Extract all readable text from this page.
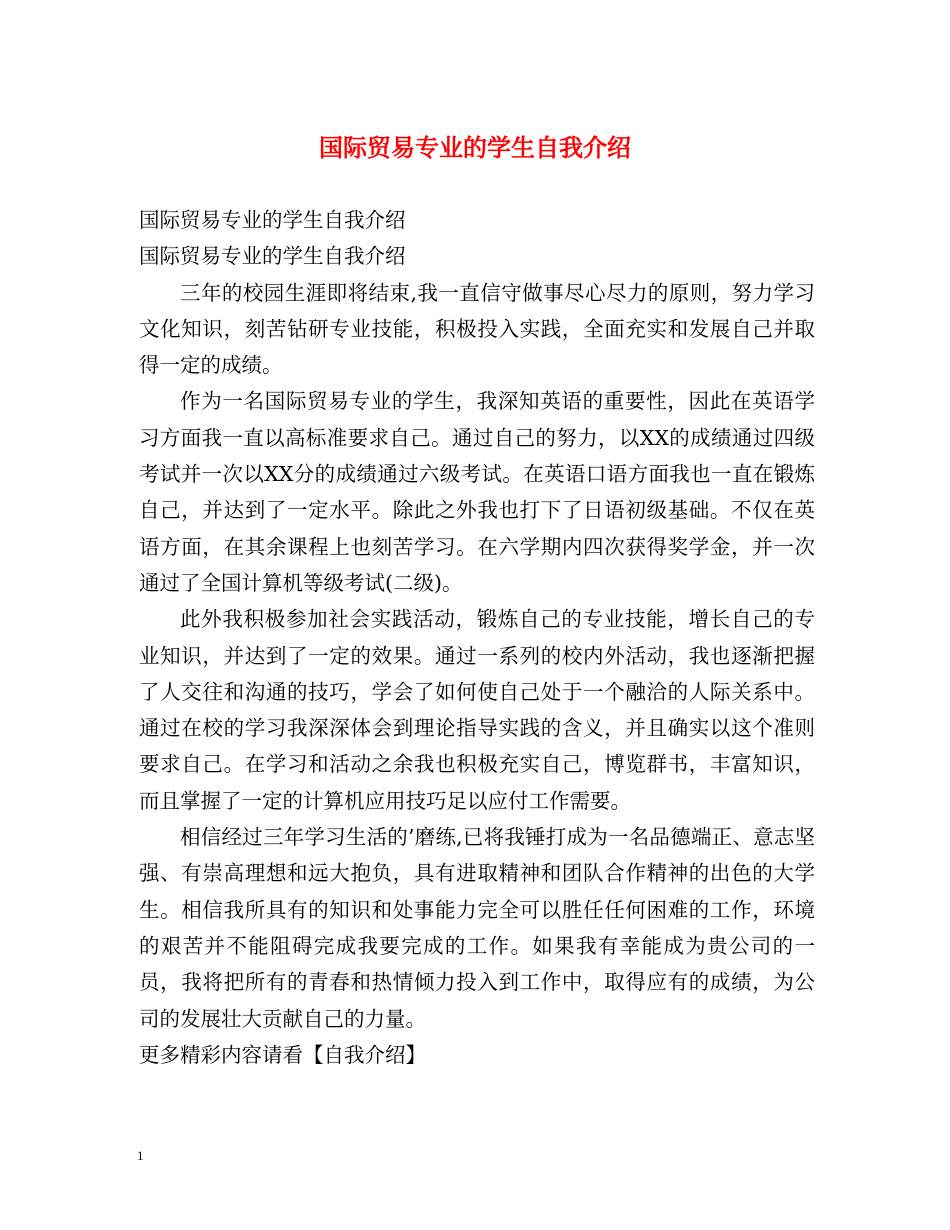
国际贸易专业的学生自我介绍

国际贸易专业的学生自我介绍

国际贸易专业的学生自我介绍

三年的校园生涯即将结束,我一直信守做事尽心尽力的原则，努力学习文化知识，刻苦钻研专业技能，积极投入实践，全面充实和发展自己并取得一定的成绩。

作为一名国际贸易专业的学生，我深知英语的重要性，因此在英语学习方面我一直以高标准要求自己。通过自己的努力，以XX的成绩通过四级考试并一次以XX分的成绩通过六级考试。在英语口语方面我也一直在锻炼自己，并达到了一定水平。除此之外我也打下了日语初级基础。不仅在英语方面，在其余课程上也刻苦学习。在六学期内四次获得奖学金，并一次通过了全国计算机等级考试(二级)。

此外我积极参加社会实践活动，锻炼自己的专业技能，增长自己的专业知识，并达到了一定的效果。通过一系列的校内外活动，我也逐渐把握了人交往和沟通的技巧，学会了如何使自己处于一个融洽的人际关系中。通过在校的学习我深深体会到理论指导实践的含义，并且确实以这个准则要求自己。在学习和活动之余我也积极充实自己，博览群书，丰富知识，而且掌握了一定的计算机应用技巧足以应付工作需要。

相信经过三年学习生活的’磨练,已将我锤打成为一名品德端正、意志坚强、有崇高理想和远大抱负，具有进取精神和团队合作精神的出色的大学生。相信我所具有的知识和处事能力完全可以胜任任何困难的工作，环境的艰苦并不能阻碍完成我要完成的工作。如果我有幸能成为贵公司的一员，我将把所有的青春和热情倾力投入到工作中，取得应有的成绩，为公司的发展壮大贡献自己的力量。

更多精彩内容请看【自我介绍】

1
